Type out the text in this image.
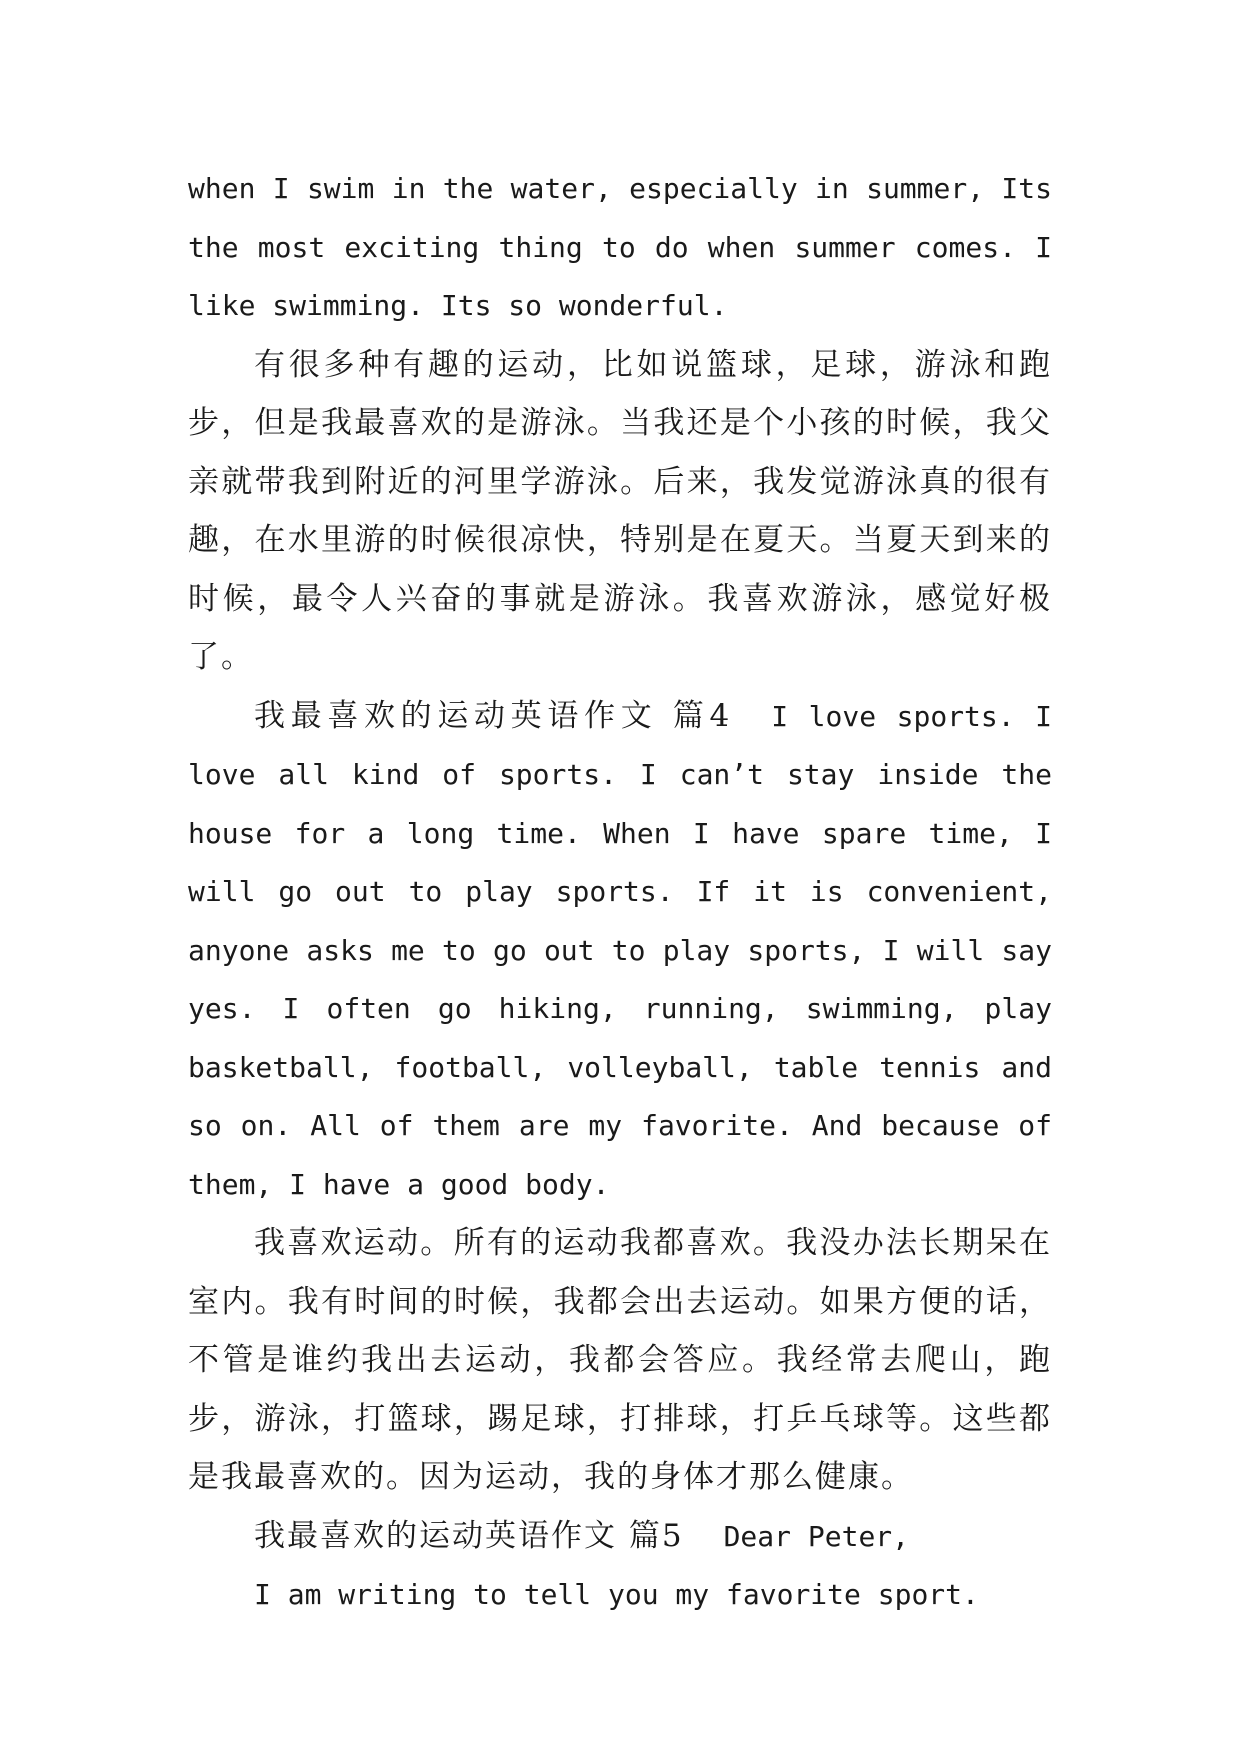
when I swim in the water, especially in summer, Its the most exciting thing to do when summer comes. I like swimming. Its so wonderful.

有很多种有趣的运动，比如说篮球，足球，游泳和跑步，但是我最喜欢的是游泳。当我还是个小孩的时候，我父亲就带我到附近的河里学游泳。后来，我发觉游泳真的很有趣，在水里游的时候很凉快，特别是在夏天。当夏天到来的时候，最令人兴奋的事就是游泳。我喜欢游泳，感觉好极了。

我最喜欢的运动英语作文 篇4 I love sports. I love all kind of sports. I can’t stay inside the house for a long time. When I have spare time, I will go out to play sports. If it is convenient, anyone asks me to go out to play sports, I will say yes. I often go hiking, running, swimming, play basketball, football, volleyball, table tennis and so on. All of them are my favorite. And because of them, I have a good body.

我喜欢运动。所有的运动我都喜欢。我没办法长期呆在室内。我有时间的时候，我都会出去运动。如果方便的话，不管是谁约我出去运动，我都会答应。我经常去爬山，跑步，游泳，打篮球，踢足球，打排球，打乒乓球等。这些都是我最喜欢的。因为运动，我的身体才那么健康。

我最喜欢的运动英语作文 篇5 Dear Peter,

I am writing to tell you my favorite sport.
